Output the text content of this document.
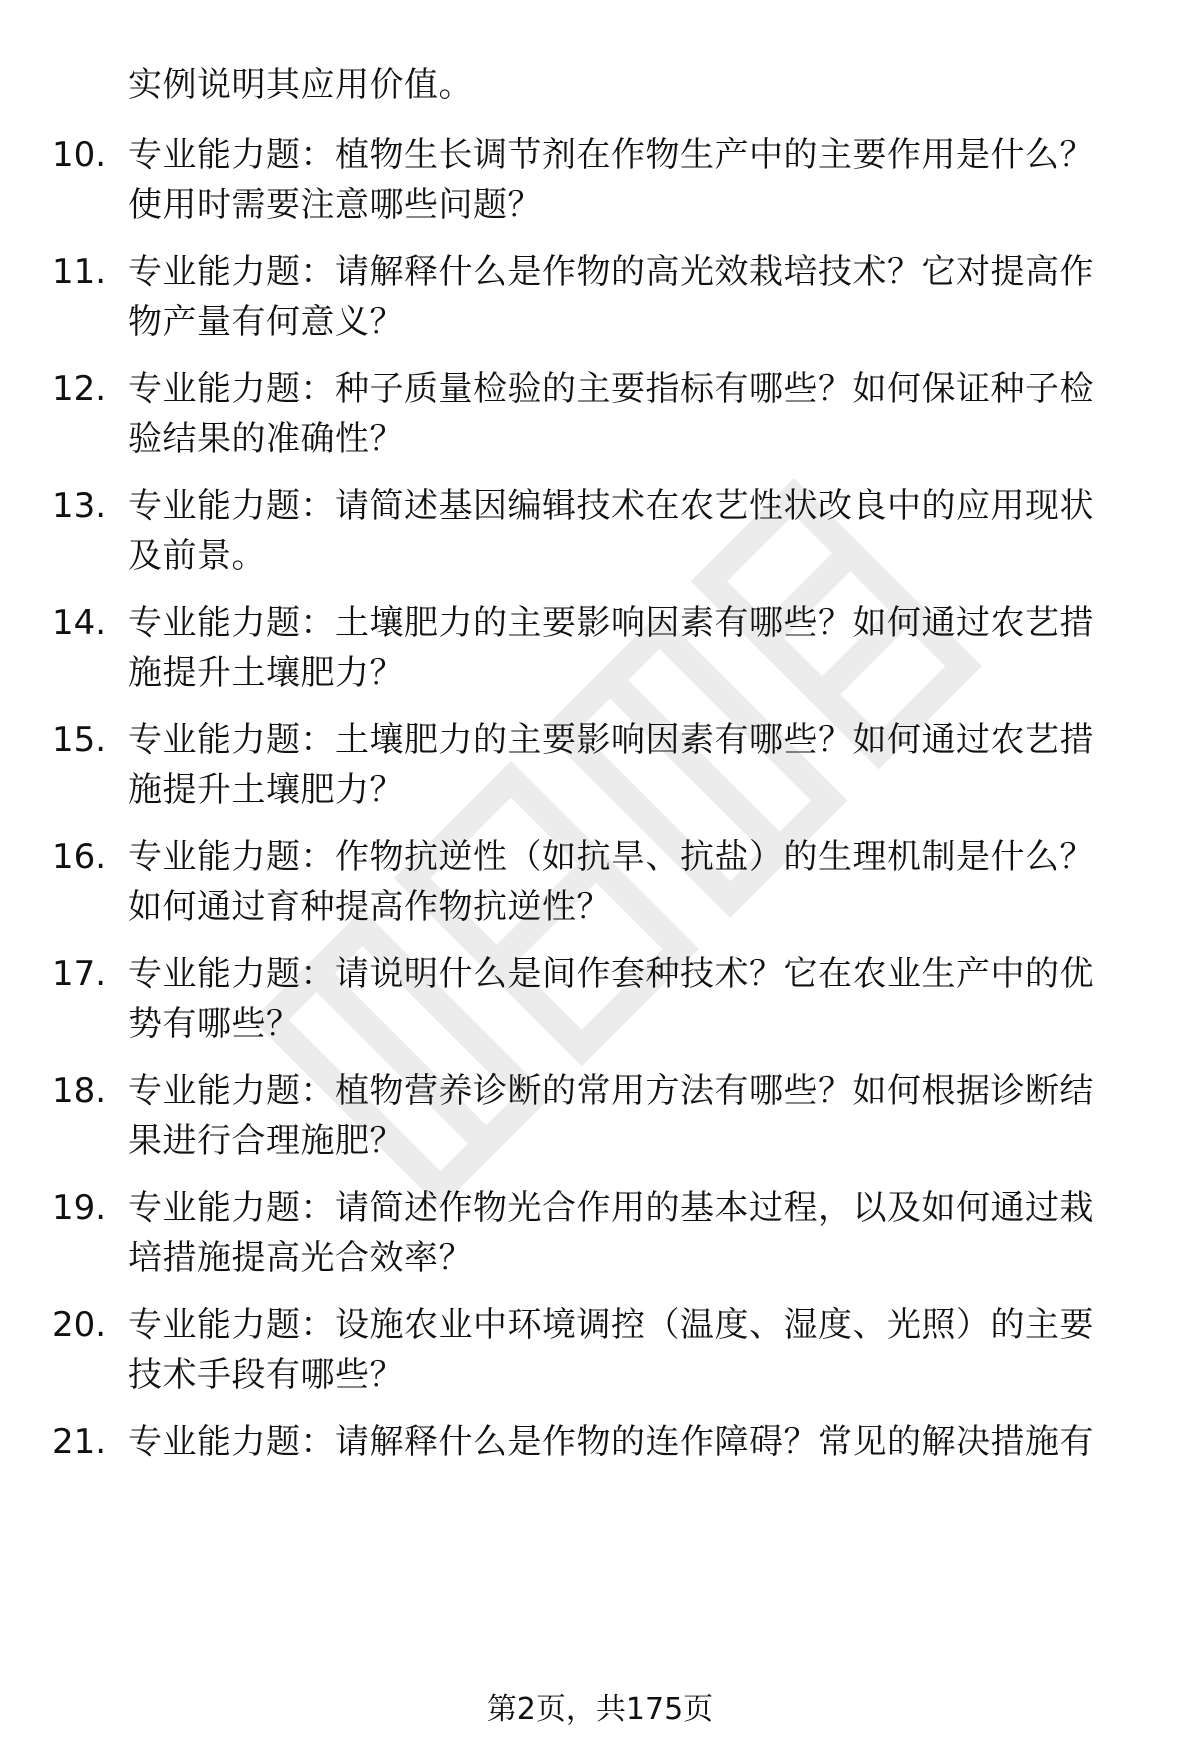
实例说明其应用价值。
10. 专业能力题：植物生长调节剂在作物生产中的主要作用是什么？
使用时需要注意哪些问题？
11. 专业能力题：请解释什么是作物的高光效栽培技术？它对提高作
物产量有何意义？
12. 专业能力题：种子质量检验的主要指标有哪些？如何保证种子检
验结果的准确性？
13. 专业能力题：请简述基因编辑技术在农艺性状改良中的应用现状
及前景。
14. 专业能力题：土壤肥力的主要影响因素有哪些？如何通过农艺措
施提升土壤肥力？
15. 专业能力题：土壤肥力的主要影响因素有哪些？如何通过农艺措
施提升土壤肥力？
16. 专业能力题：作物抗逆性（如抗旱、抗盐）的生理机制是什么？
如何通过育种提高作物抗逆性？
17. 专业能力题：请说明什么是间作套种技术？它在农业生产中的优
势有哪些？
18. 专业能力题：植物营养诊断的常用方法有哪些？如何根据诊断结
果进行合理施肥？
19. 专业能力题：请简述作物光合作用的基本过程，以及如何通过栽
培措施提高光合效率？
20. 专业能力题：设施农业中环境调控（温度、湿度、光照）的主要
技术手段有哪些？
21. 专业能力题：请解释什么是作物的连作障碍？常见的解决措施有
第2页，共175页
